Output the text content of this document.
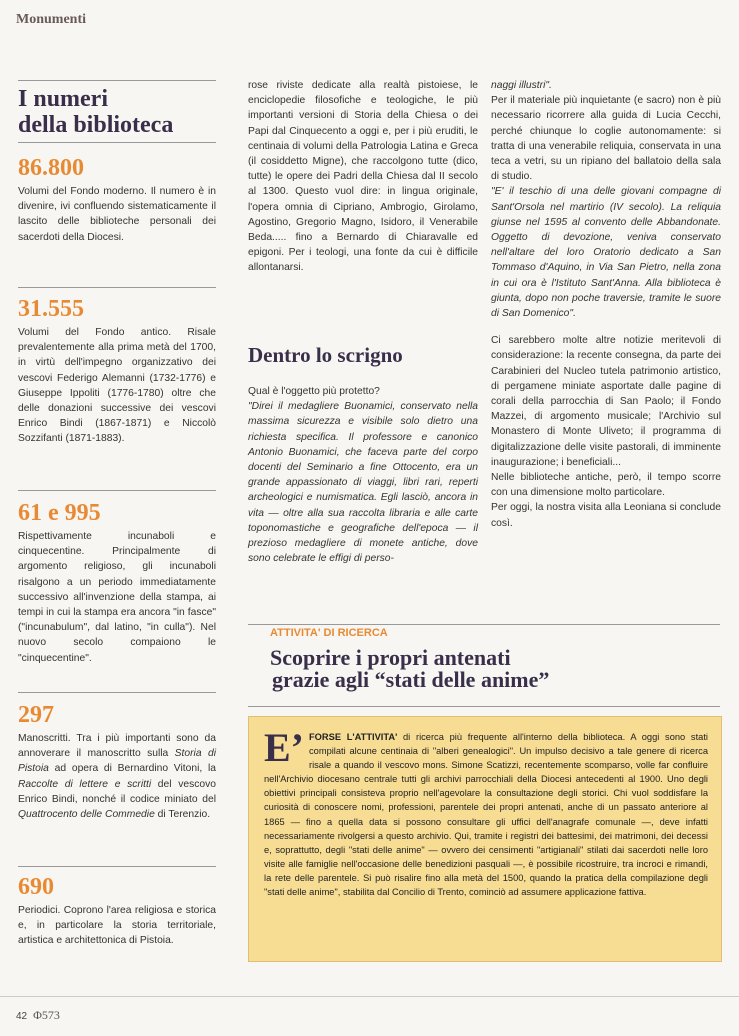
Monumenti
I numeri
della biblioteca
86.800
Volumi del Fondo moderno. Il numero è in divenire, ivi confluendo sistematicamente il lascito delle biblioteche personali dei sacerdoti della Diocesi.
31.555
Volumi del Fondo antico. Risale prevalentemente alla prima metà del 1700, in virtù dell'impegno organizzativo dei vescovi Federigo Alemanni (1732-1776) e Giuseppe Ippoliti (1776-1780) oltre che delle donazioni successive dei vescovi Enrico Bindi (1867-1871) e Niccolò Sozzifanti (1871-1883).
61 e 995
Rispettivamente incunaboli e cinquecentine. Principalmente di argomento religioso, gli incunaboli risalgono a un periodo immediatamente successivo all'invenzione della stampa, ai tempi in cui la stampa era ancora "in fasce" ("incunabulum", dal latino, "in culla"). Nel nuovo secolo compaiono le "cinquecentine".
297
Manoscritti. Tra i più importanti sono da annoverare il manoscritto sulla Storia di Pistoia ad opera di Bernardino Vitoni, la Raccolte di lettere e scritti del vescovo Enrico Bindi, nonché il codice miniato del Quattrocento delle Commedie di Terenzio.
690
Periodici. Coprono l'area religiosa e storica e, in particolare la storia territoriale, artistica e architettonica di Pistoia.

rose riviste dedicate alla realtà pistoiese, le enciclopedie filosofiche e teologiche, le più importanti versioni di Storia della Chiesa o dei Papi dal Cinquecento a oggi e, per i più eruditi, le centinaia di volumi della Patrologia Latina e Greca (il cosiddetto Migne), che raccolgono tutte (dico, tutte) le opere dei Padri della Chiesa dal II secolo al 1300. Questo vuol dire: in lingua originale, l'opera omnia di Cipriano, Ambrogio, Girolamo, Agostino, Gregorio Magno, Isidoro, il Venerabile Beda..... fino a Bernardo di Chiaravalle ed epigoni. Per i teologi, una fonte da cui è difficile allontanarsi.

Dentro lo scrigno

Qual è l'oggetto più protetto?

"Direi il medagliere Buonamici, conservato nella massima sicurezza e visibile solo dietro una richiesta specifica. Il professore e canonico Antonio Buonamici, che faceva parte del corpo docenti del Seminario a fine Ottocento, era un grande appassionato di viaggi, libri rari, reperti archeologici e numismatica. Egli lasciò, ancora in vita — oltre alla sua raccolta libraria e alle carte toponomastiche e geografiche dell'epoca — il prezioso medagliere di monete antiche, dove sono celebrate le effigi di perso-

naggi illustri".

Per il materiale più inquietante (e sacro) non è più necessario ricorrere alla guida di Lucia Cecchi, perché chiunque lo coglie autonomamente: si tratta di una venerabile reliquia, conservata in una teca a vetri, su un ripiano del ballatoio della sala di studio.

"E' il teschio di una delle giovani compagne di Sant'Orsola nel martirio (IV secolo). La reliquia giunse nel 1595 al convento delle Abbandonate. Oggetto di devozione, veniva conservato nell'altare del loro Oratorio dedicato a San Tommaso d'Aquino, in Via San Pietro, nella zona in cui ora è l'Istituto Sant'Anna. Alla biblioteca è giunta, dopo non poche traversie, tramite le suore di San Domenico".

Ci sarebbero molte altre notizie meritevoli di considerazione: la recente consegna, da parte dei Carabinieri del Nucleo tutela patrimonio artistico, di pergamene miniate asportate dalle pagine di corali della parrocchia di San Paolo; il Fondo Mazzei, di argomento musicale; l'Archivio sul Monastero di Monte Uliveto; il programma di digitalizzazione delle visite pastorali, di imminente inaugurazione; i beneficiali...

Nelle biblioteche antiche, però, il tempo scorre con una dimensione molto particolare.

Per oggi, la nostra visita alla Leoniana si conclude così.

ATTIVITA' DI RICERCA
Scoprire i propri antenati
grazie agli “stati delle anime”
E’ FORSE L'ATTIVITA' di ricerca più frequente all'interno della biblioteca. A oggi sono stati compilati alcune centinaia di "alberi genealogici". Un impulso decisivo a tale genere di ricerca risale a quando il vescovo mons. Simone Scatizzi, recentemente scomparso, volle far confluire nell'Archivio diocesano centrale tutti gli archivi parrocchiali della Diocesi antecedenti al 1900. Uno degli obiettivi principali consisteva proprio nell'agevolare la consultazione degli storici. Chi vuol soddisfare la curiosità di conoscere nomi, professioni, parentele dei propri antenati, anche di un passato anteriore al 1865 — fino a quella data si possono consultare gli uffici dell'anagrafe comunale —, deve infatti necessariamente rivolgersi a questo archivio. Qui, tramite i registri dei battesimi, dei matrimoni, dei decessi e, soprattutto, degli "stati delle anime" — ovvero dei censimenti "artigianali" stilati dai sacerdoti nelle loro visite alle famiglie nell'occasione delle benedizioni pasquali —, è possibile ricostruire, tra incroci e rimandi, la rete delle parentele. Si può risalire fino alla metà del 1500, quando la pratica della compilazione degli "stati delle anime", stabilita dal Concilio di Trento, cominciò ad assumere applicazione fattiva.
42 Φ573
